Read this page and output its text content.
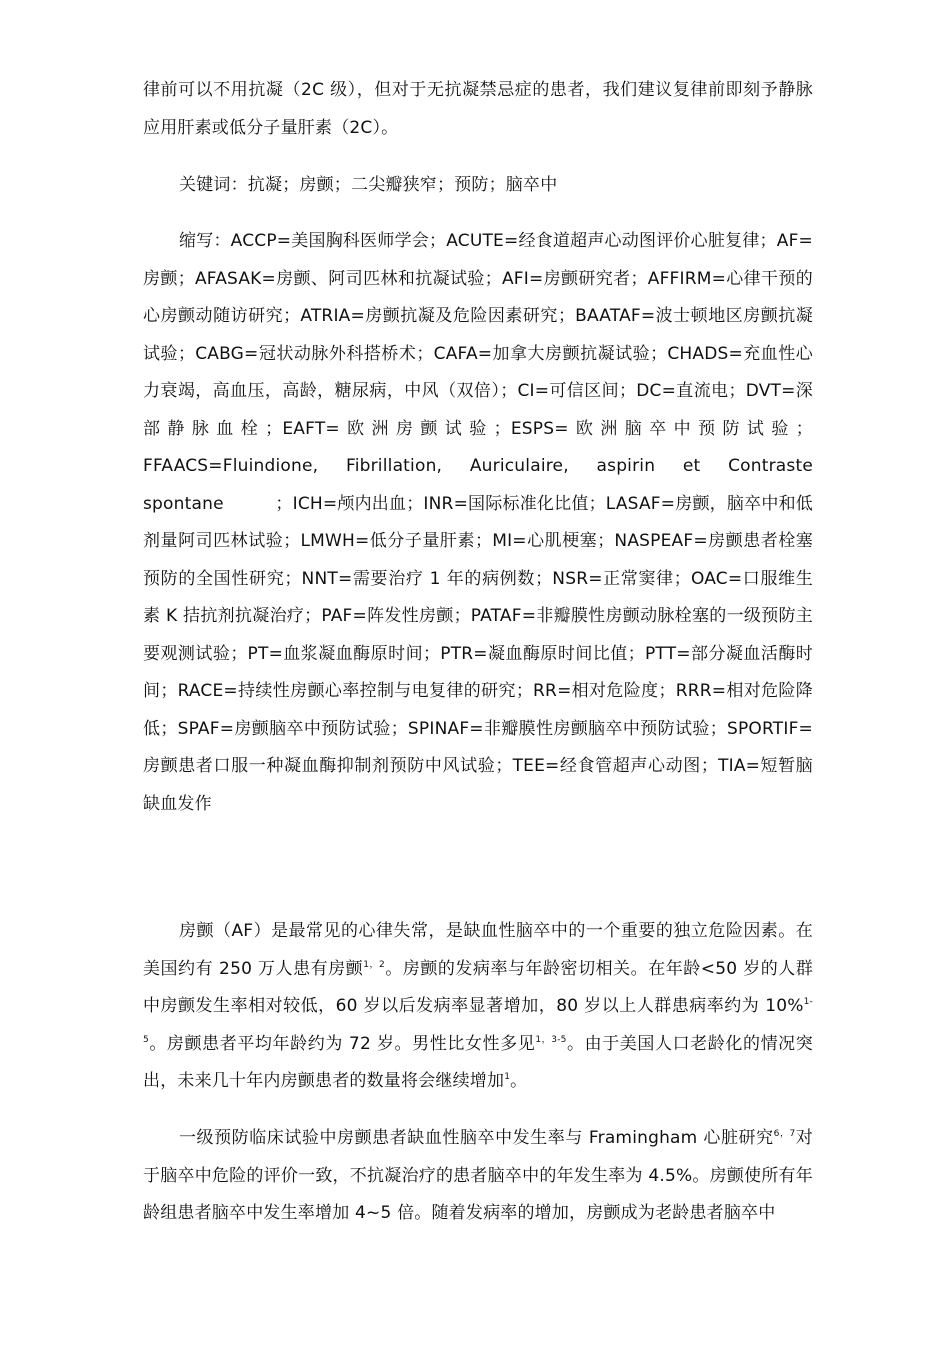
律前可以不用抗凝（2C 级），但对于无抗凝禁忌症的患者，我们建议复律前即刻予静脉应用肝素或低分子量肝素（2C）。

关键词：抗凝；房颤；二尖瓣狭窄；预防；脑卒中

缩写：ACCP=美国胸科医师学会；ACUTE=经食道超声心动图评价心脏复律；AF=房颤；AFASAK=房颤、阿司匹林和抗凝试验；AFI=房颤研究者；AFFIRM=心律干预的心房颤动随访研究；ATRIA=房颤抗凝及危险因素研究；BAATAF=波士顿地区房颤抗凝试验；CABG=冠状动脉外科搭桥术；CAFA=加拿大房颤抗凝试验；CHADS=充血性心力衰竭，高血压，高龄，糖尿病，中风（双倍）；CI=可信区间；DC=直流电；DVT=深部静脉血栓；EAFT=欧洲房颤试验；ESPS=欧洲脑卒中预防试验；FFAACS=Fluindione, Fibrillation, Auriculaire, aspirin et Contraste spontane　　　；ICH=颅内出血；INR=国际标准化比值；LASAF=房颤，脑卒中和低剂量阿司匹林试验；LMWH=低分子量肝素；MI=心肌梗塞；NASPEAF=房颤患者栓塞预防的全国性研究；NNT=需要治疗 1 年的病例数；NSR=正常窦律；OAC=口服维生素 K 拮抗剂抗凝治疗；PAF=阵发性房颤；PATAF=非瓣膜性房颤动脉栓塞的一级预防主要观测试验；PT=血浆凝血酶原时间；PTR=凝血酶原时间比值；PTT=部分凝血活酶时间；RACE=持续性房颤心率控制与电复律的研究；RR=相对危险度；RRR=相对危险降低；SPAF=房颤脑卒中预防试验；SPINAF=非瓣膜性房颤脑卒中预防试验；SPORTIF=房颤患者口服一种凝血酶抑制剂预防中风试验；TEE=经食管超声心动图；TIA=短暂脑缺血发作

房颤（AF）是最常见的心律失常，是缺血性脑卒中的一个重要的独立危险因素。在美国约有 250 万人患有房颤$^{1,2}$。房颤的发病率与年龄密切相关。在年龄<50 岁的人群中房颤发生率相对较低，60 岁以后发病率显著增加，80 岁以上人群患病率约为 10%$^{1-5}$。房颤患者平均年龄约为 72 岁。男性比女性多见$^{1,3-5}$。由于美国人口老龄化的情况突出，未来几十年内房颤患者的数量将会继续增加$^1$。

一级预防临床试验中房颤患者缺血性脑卒中发生率与 Framingham 心脏研究$^{6,7}$对于脑卒中危险的评价一致，不抗凝治疗的患者脑卒中的年发生率为 4.5%。房颤使所有年龄组患者脑卒中发生率增加 4~5 倍。随着发病率的增加，房颤成为老龄患者脑卒中
